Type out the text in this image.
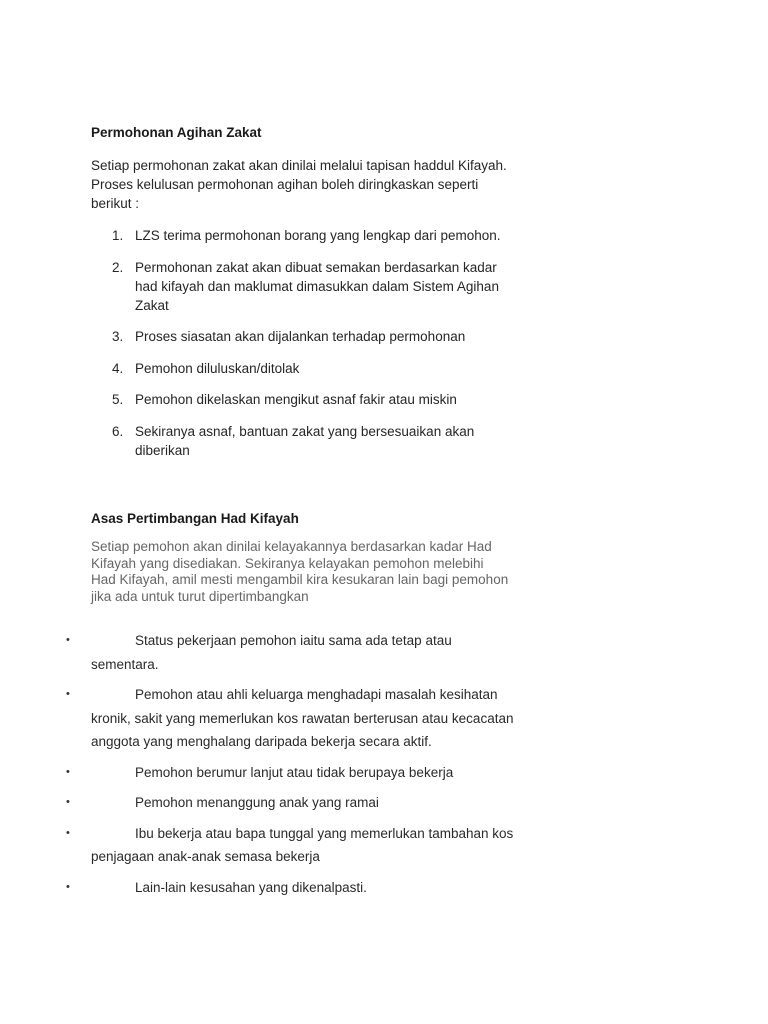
Permohonan Agihan Zakat

Setiap permohonan zakat akan dinilai melalui tapisan haddul Kifayah. Proses kelulusan permohonan agihan boleh diringkaskan seperti berikut :

1. LZS terima permohonan borang yang lengkap dari pemohon.
2. Permohonan zakat akan dibuat semakan berdasarkan kadar had kifayah dan maklumat dimasukkan dalam Sistem Agihan Zakat
3. Proses siasatan akan dijalankan terhadap permohonan
4. Pemohon diluluskan/ditolak
5. Pemohon dikelaskan mengikut asnaf fakir atau miskin
6. Sekiranya asnaf, bantuan zakat yang bersesuaikan akan diberikan
Asas Pertimbangan Had Kifayah

Setiap pemohon akan dinilai kelayakannya berdasarkan kadar Had Kifayah yang disediakan. Sekiranya kelayakan pemohon melebihi Had Kifayah, amil mesti mengambil kira kesukaran lain bagi pemohon jika ada untuk turut dipertimbangkan

•	Status pekerjaan pemohon iaitu sama ada tetap atau sementara.
•	Pemohon atau ahli keluarga menghadapi masalah kesihatan kronik, sakit yang memerlukan kos rawatan berterusan atau kecacatan anggota yang menghalang daripada bekerja secara aktif.
•	Pemohon berumur lanjut atau tidak berupaya bekerja
•	Pemohon menanggung anak yang ramai
•	Ibu bekerja atau bapa tunggal yang memerlukan tambahan kos penjagaan anak-anak semasa bekerja
•	Lain-lain kesusahan yang dikenalpasti.
